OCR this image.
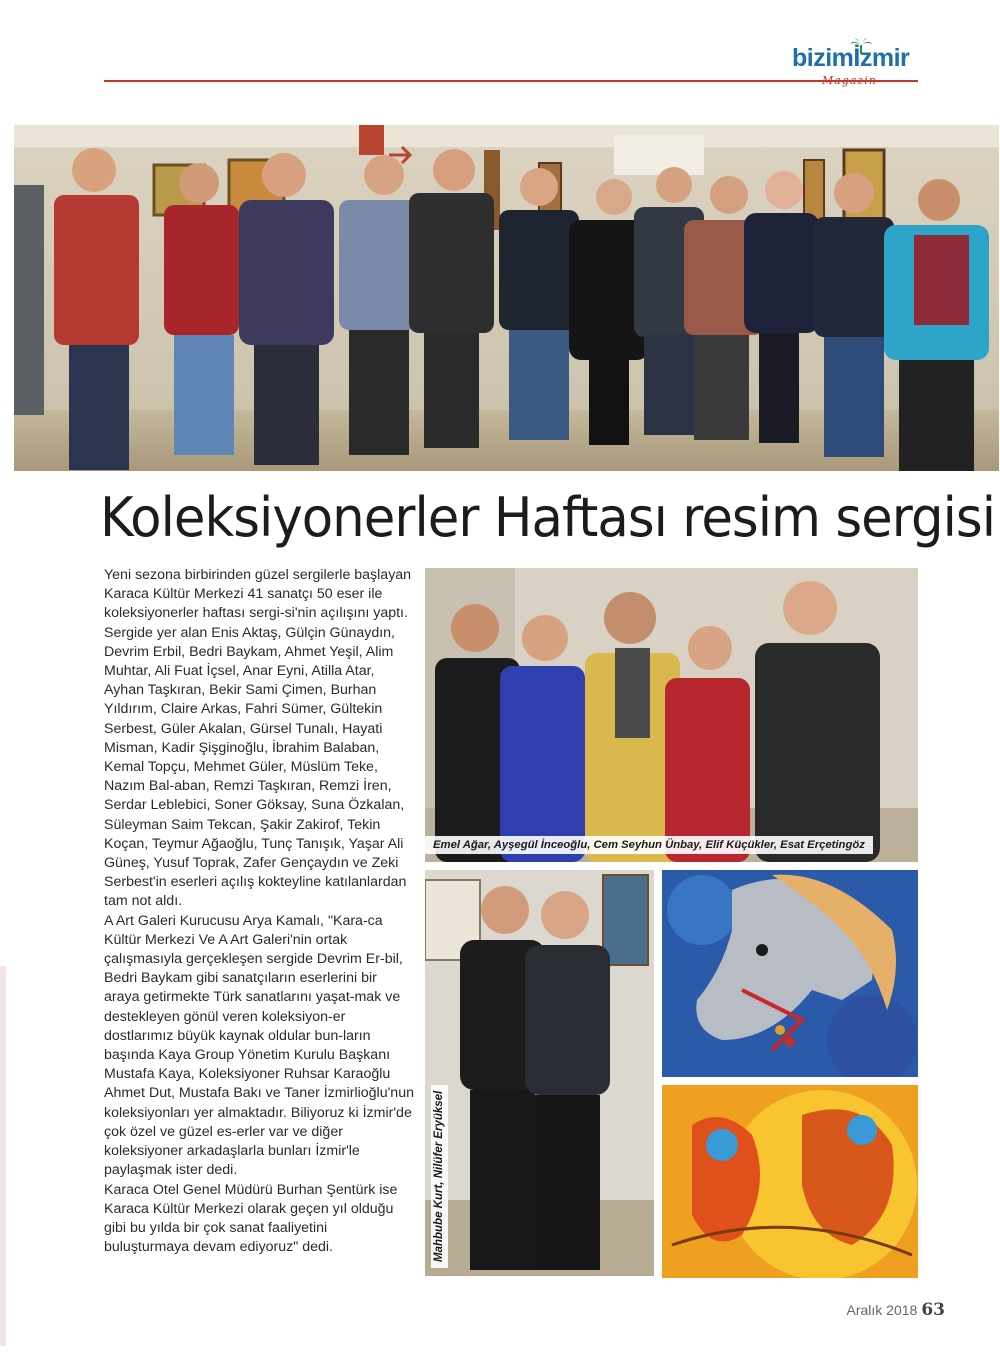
bizimİzmir
Magazin
Koleksiyonerler Haftası resim sergisi

Yeni sezona birbirinden güzel sergilerle başlayan Karaca Kültür Merkezi 41 sanatçı 50 eser ile koleksiyonerler haftası sergi-si'nin açılışını yaptı. Sergide yer alan Enis Aktaş, Gülçin Günaydın, Devrim Erbil, Bedri Baykam, Ahmet Yeşil, Alim Muhtar, Ali Fuat İçsel, Anar Eyni, Atilla Atar, Ayhan Taşkıran, Bekir Sami Çimen, Burhan Yıldırım, Claire Arkas, Fahri Sümer, Gültekin Serbest, Güler Akalan, Gürsel Tunalı, Hayati Misman, Kadir Şişginoğlu, İbrahim Balaban, Kemal Topçu, Mehmet Güler, Müslüm Teke, Nazım Bal-aban, Remzi Taşkıran, Remzi İren, Serdar Leblebici, Soner Göksay, Suna Özkalan, Süleyman Saim Tekcan, Şakir Zakirof, Tekin Koçan, Teymur Ağaoğlu, Tunç Tanışık, Yaşar Ali Güneş, Yusuf Toprak, Zafer Gençaydın ve Zeki Serbest'in eserleri açılış kokteyline katılanlardan tam not aldı.

A Art Galeri Kurucusu Arya Kamalı, "Kara-ca Kültür Merkezi Ve A Art Galeri'nin ortak çalışmasıyla gerçekleşen sergide Devrim Er-bil, Bedri Baykam gibi sanatçıların eserlerini bir araya getirmekte Türk sanatlarını yaşat-mak ve destekleyen gönül veren koleksiyon-er dostlarımız büyük kaynak oldular bun-ların başında Kaya Group Yönetim Kurulu Başkanı Mustafa Kaya, Koleksiyoner Ruhsar Karaoğlu Ahmet Dut, Mustafa Bakı ve Taner İzmirlioğlu'nun koleksiyonları yer almaktadır. Biliyoruz ki İzmir'de çok özel ve güzel es-erler var ve diğer koleksiyoner arkadaşlarla bunları İzmir'le paylaşmak ister dedi.

Karaca Otel Genel Müdürü Burhan Şentürk ise Karaca Kültür Merkezi olarak geçen yıl olduğu gibi bu yılda bir çok sanat faaliyetini buluşturmaya devam ediyoruz" dedi.

Emel Ağar, Ayşegül İnceoğlu, Cem Seyhun Ünbay, Elif Küçükler, Esat Erçetingöz
Mahbube Kurt, Nilüfer Eryüksel
Aralık 2018 63
